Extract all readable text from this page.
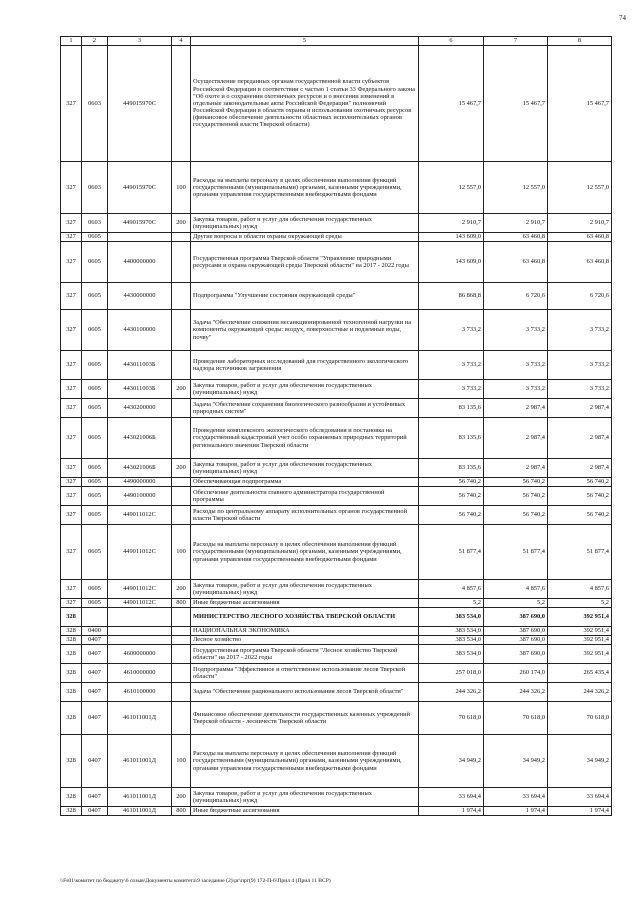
74
1	2	3	4	5	6	7	8
327	0603	449015970С		Осуществление переданных органам государственной власти субъектов Российской Федерации в соответствии с частью 1 статьи 33 Федерального закона "Об охоте и о сохранении охотничьих ресурсов и о внесении изменений в отдельные законодательные акты Российской Федерации" полномочий Российской Федерации в области охраны и использования охотничьих ресурсов (финансовое обеспечение деятельности областных исполнительных органов государственной власти Тверской области)	15 467,7	15 467,7	15 467,7
327	0603	449015970С	100	Расходы на выплаты персоналу в целях обеспечения выполнения функций государственными (муниципальными) органами, казенными учреждениями, органами управления государственными внебюджетными фондами	12 557,0	12 557,0	12 557,0
327	0603	449015970С	200	Закупка товаров, работ и услуг для обеспечения государственных (муниципальных) нужд	2 910,7	2 910,7	2 910,7
327	0605			Другие вопросы в области охраны окружающей среды	143 609,0	63 460,8	63 460,8
327	0605	4400000000		Государственная программа Тверской области "Управление природными ресурсами и охрана окружающей среды Тверской области" на 2017 - 2022 годы	143 609,0	63 460,8	63 460,8
327	0605	4430000000		Подпрограмма "Улучшение состояния окружающей среды"	86 868,8	6 720,6	6 720,6
327	0605	4430100000		Задача "Обеспечение снижения несанкционированной техногенной нагрузки на компоненты окружающей среды: воздух, поверхностные и подземные воды, почву"	3 733,2	3 733,2	3 733,2
327	0605	443011003Б		Проведение лабораторных исследований для государственного экологического надзора источников загрязнения	3 733,2	3 733,2	3 733,2
327	0605	443011003Б	200	Закупка товаров, работ и услуг для обеспечения государственных (муниципальных) нужд	3 733,2	3 733,2	3 733,2
327	0605	4430200000		Задача "Обеспечение сохранения биологического разнообразия и устойчивых природных систем"	83 135,6	2 987,4	2 987,4
327	0605	443021006Б		Проведение комплексного экологического обследования и постановка на государственный кадастровый учет особо охраняемых природных территорий регионального значения Тверской области	83 135,6	2 987,4	2 987,4
327	0605	443021006Б	200	Закупка товаров, работ и услуг для обеспечения государственных (муниципальных) нужд	83 135,6	2 987,4	2 987,4
327	0605	4490000000		Обеспечивающая подпрограмма	56 740,2	56 740,2	56 740,2
327	0605	4490100000		Обеспечение деятельности главного администратора государственной программы	56 740,2	56 740,2	56 740,2
327	0605	449011012С		Расходы по центральному аппарату исполнительных органов государственной власти Тверской области	56 740,2	56 740,2	56 740,2
327	0605	449011012С	100	Расходы на выплаты персоналу в целях обеспечения выполнения функций государственными (муниципальными) органами, казенными учреждениями, органами управления государственными внебюджетными фондами	51 877,4	51 877,4	51 877,4
327	0605	449011012С	200	Закупка товаров, работ и услуг для обеспечения государственных (муниципальных) нужд	4 857,6	4 857,6	4 857,6
327	0605	449011012С	800	Иные бюджетные ассигнования	5,2	5,2	5,2
328				МИНИСТЕРСТВО ЛЕСНОГО ХОЗЯЙСТВА ТВЕРСКОЙ ОБЛАСТИ	383 534,0	387 690,0	392 951,4
328	0400			НАЦИОНАЛЬНАЯ ЭКОНОМИКА	383 534,0	387 690,0	392 951,4
328	0407			Лесное хозяйство	383 534,0	387 690,0	392 951,4
328	0407	4600000000		Государственная программа Тверской области "Лесное хозяйство Тверской области" на 2017 - 2022 годы	383 534,0	387 690,0	392 951,4
328	0407	4610000000		Подпрограмма "Эффективное и ответственное использование лесов Тверской области"	257 018,0	260 174,0	265 435,4
328	0407	4610100000		Задача "Обеспечение рационального использования лесов Тверской области"	244 326,2	244 326,2	244 326,2
328	0407	461011001Д		Финансовое обеспечение деятельности государственных казенных учреждений Тверской области - лесничеств Тверской области	70 618,0	70 618,0	70 618,0
328	0407	461011001Д	100	Расходы на выплаты персоналу в целях обеспечения выполнения функций государственными (муниципальными) органами, казенными учреждениями, органами управления государственными внебюджетными фондами	34 949,2	34 949,2	34 949,2
328	0407	461011001Д	200	Закупка товаров, работ и услуг для обеспечения государственных (муниципальных) нужд	33 694,4	33 694,4	33 694,4
328	0407	461011001Д	800	Иные бюджетные ассигнования	1 974,4	1 974,4	1 974,4
\\Fs01\комитет по бюджету\6 созыв\Документы комитета\9 заседание (2)\рг\прг(9) 172-П-6\Прил 4 (Прил 11 ВСР)
